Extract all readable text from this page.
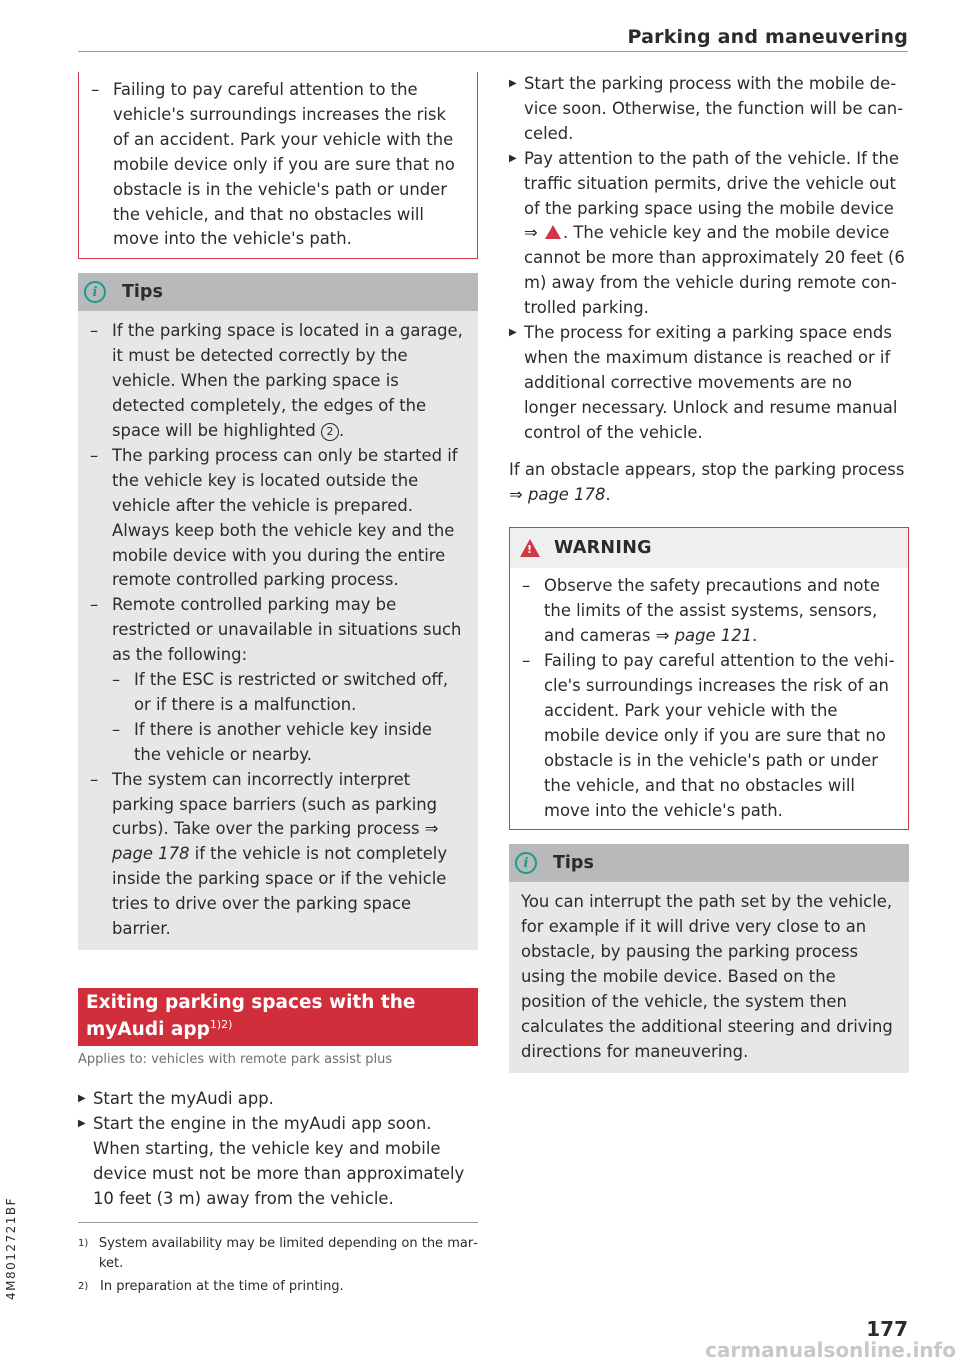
Parking and maneuvering
– Failing to pay careful attention to the vehicle's surroundings increases the risk of an accident. Park your vehicle with the mobile device only if you are sure that no obstacle is in the vehicle's path or under the vehicle, and that no obstacles will move into the vehicle's path.
i	Tips
– If the parking space is located in a garage, it must be detected correctly by the vehicle. When the parking space is detected completely, the edges of the space will be highlighted 2 .
– The parking process can only be started if the vehicle key is located outside the vehicle after the vehicle is prepared. Always keep both the vehicle key and the mobile device with you during the entire remote controlled parking process.
– Remote controlled parking may be restricted or unavailable in situations such as the following:
– If the ESC is restricted or switched off, or if there is a malfunction.
– If there is another vehicle key inside the vehicle or nearby.
– The system can incorrectly interpret parking space barriers (such as parking curbs). Take over the parking process ⇒ page 178 if the vehicle is not completely inside the parking space or if the vehicle tries to drive over the parking space barrier.
Exiting parking spaces with the myAudi app$^{1)2)}$
Applies to: vehicles with remote park assist plus
▶ Start the myAudi app.
▶ Start the engine in the myAudi app soon. When starting, the vehicle key and mobile device must not be more than approximately 10 feet (3 m) away from the vehicle.
1) System availability may be limited depending on the market.
2) In preparation at the time of printing.
▶ Start the parking process with the mobile device soon. Otherwise, the function will be canceled.
▶ Pay attention to the path of the vehicle. If the traffic situation permits, drive the vehicle out of the parking space using the mobile device ⇒ . The vehicle key and the mobile device cannot be more than approximately 20 feet (6 m) away from the vehicle during remote controlled parking.
▶ The process for exiting a parking space ends when the maximum distance is reached or if additional corrective movements are no longer necessary. Unlock and resume manual control of the vehicle.

If an obstacle appears, stop the parking process ⇒ page 178.

! WARNING
– Observe the safety precautions and note the limits of the assist systems, sensors, and cameras ⇒ page 121.
– Failing to pay careful attention to the vehicle's surroundings increases the risk of an accident. Park your vehicle with the mobile device only if you are sure that no obstacle is in the vehicle's path or under the vehicle, and that no obstacles will move into the vehicle's path.
i	Tips

You can interrupt the path set by the vehicle, for example if it will drive very close to an obstacle, by pausing the parking process using the mobile device. Based on the position of the vehicle, the system then calculates the additional steering and driving directions for maneuvering.

4M8012721BF
177
carmanualsonline.info
